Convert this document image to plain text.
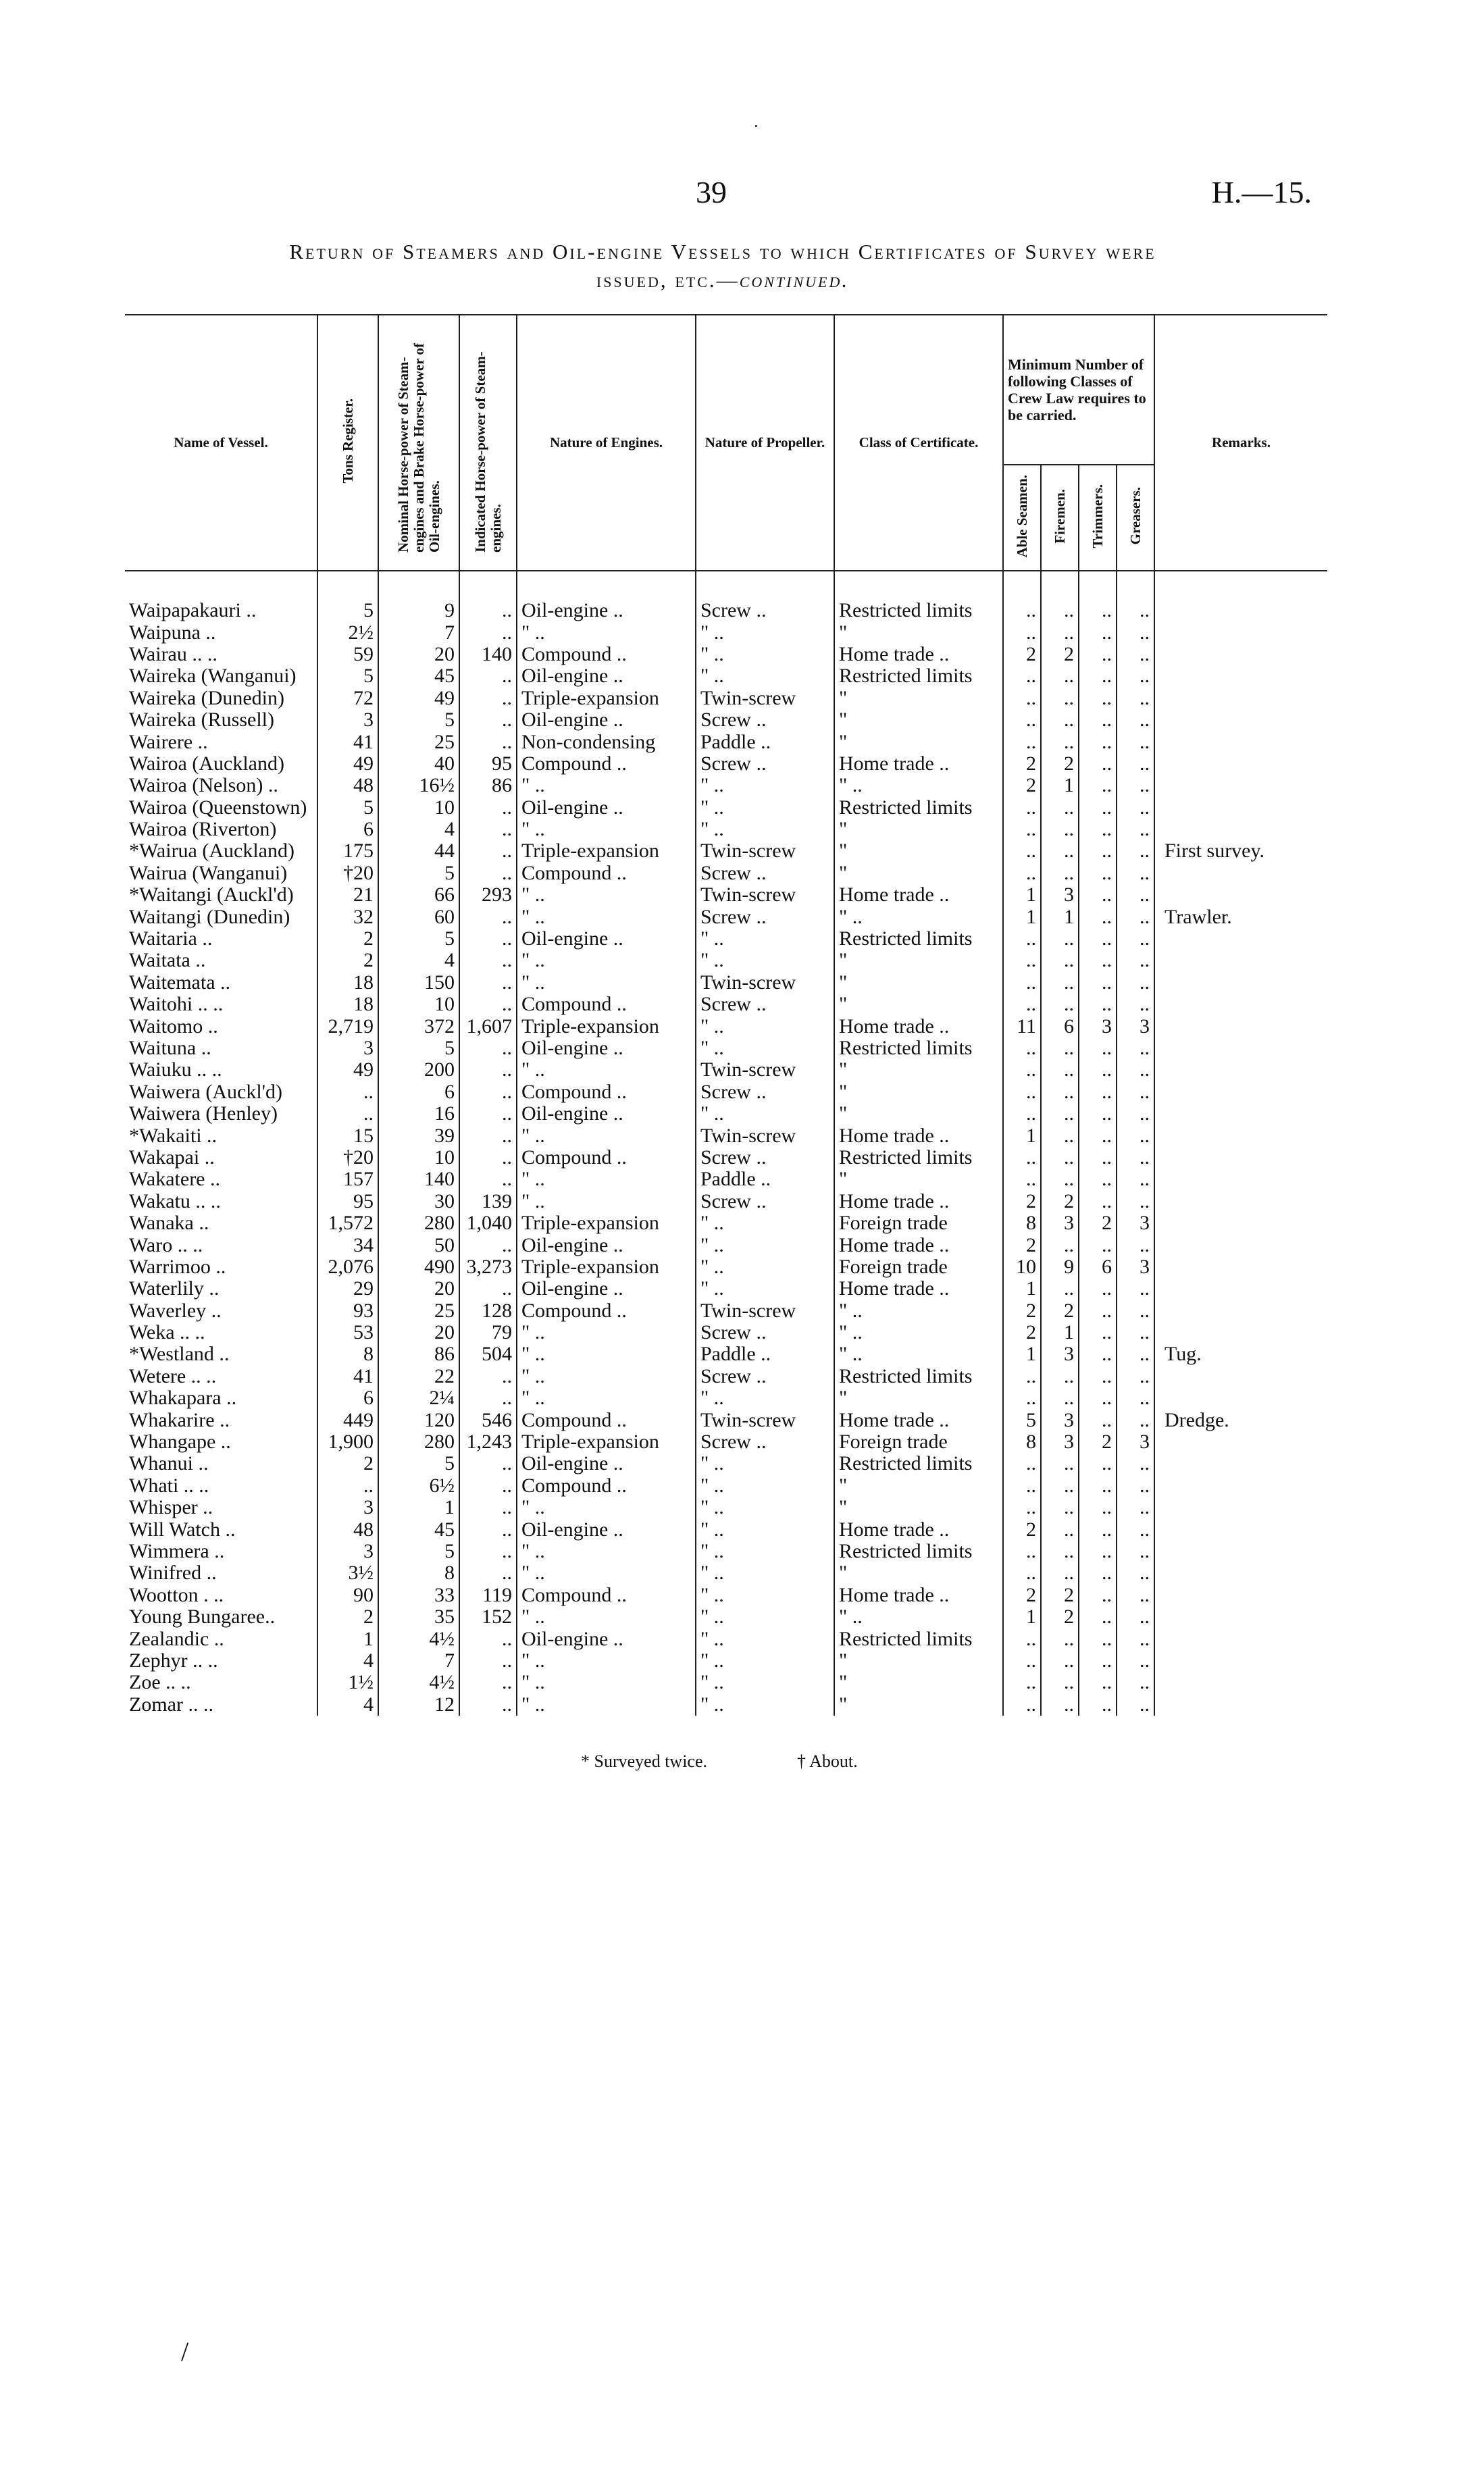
39	H.—15.
Return of Steamers and Oil-engine Vessels to which Certificates of Survey were
issued, etc.—continued.
Name of Vessel.	Tons Register.	Nominal Horse-power of Steam-engines and Brake Horse-power of Oil-engines.	Indicated Horse-power of Steam-engines.	Nature of Engines.	Nature of Propeller.	Class of Certificate.	Minimum Number of following Classes of Crew Law requires to be carried.				Remarks.
							Able Seamen.	Firemen.	Trimmers.	Greasers.	
Waipapakauri ..	5	9	..	Oil-engine ..	Screw ..	Restricted limits	..	..	..	..	
Waipuna ..	2½	7	..	" ..	" ..	"	..	..	..	..	
Wairau .. ..	59	20	140	Compound ..	" ..	Home trade ..	2	2	..	..	
Waireka (Wanganui)	5	45	..	Oil-engine ..	" ..	Restricted limits	..	..	..	..	
Waireka (Dunedin)	72	49	..	Triple-expansion	Twin-screw	"	..	..	..	..	
Waireka (Russell)	3	5	..	Oil-engine ..	Screw ..	"	..	..	..	..	
Wairere ..	41	25	..	Non-condensing	Paddle ..	"	..	..	..	..	
Wairoa (Auckland)	49	40	95	Compound ..	Screw ..	Home trade ..	2	2	..	..	
Wairoa (Nelson) ..	48	16½	86	" ..	" ..	" ..	2	1	..	..	
Wairoa (Queenstown)	5	10	..	Oil-engine ..	" ..	Restricted limits	..	..	..	..	
Wairoa (Riverton)	6	4	..	" ..	" ..	"	..	..	..	..	
*Wairua (Auckland)	175	44	..	Triple-expansion	Twin-screw	"	..	..	..	..	First survey.
Wairua (Wanganui)	†20	5	..	Compound ..	Screw ..	"	..	..	..	..	
*Waitangi (Auckl'd)	21	66	293	" ..	Twin-screw	Home trade ..	1	3	..	..	
Waitangi (Dunedin)	32	60	..	" ..	Screw ..	" ..	1	1	..	..	Trawler.
Waitaria ..	2	5	..	Oil-engine ..	" ..	Restricted limits	..	..	..	..	
Waitata ..	2	4	..	" ..	" ..	"	..	..	..	..	
Waitemata ..	18	150	..	" ..	Twin-screw	"	..	..	..	..	
Waitohi .. ..	18	10	..	Compound ..	Screw ..	"	..	..	..	..	
Waitomo ..	2,719	372	1,607	Triple-expansion	" ..	Home trade ..	11	6	3	3	
Waituna ..	3	5	..	Oil-engine ..	" ..	Restricted limits	..	..	..	..	
Waiuku .. ..	49	200	..	" ..	Twin-screw	"	..	..	..	..	
Waiwera (Auckl'd)	..	6	..	Compound ..	Screw ..	"	..	..	..	..	
Waiwera (Henley)	..	16	..	Oil-engine ..	" ..	"	..	..	..	..	
*Wakaiti ..	15	39	..	" ..	Twin-screw	Home trade ..	1	..	..	..	
Wakapai ..	†20	10	..	Compound ..	Screw ..	Restricted limits	..	..	..	..	
Wakatere ..	157	140	..	" ..	Paddle ..	"	..	..	..	..	
Wakatu .. ..	95	30	139	" ..	Screw ..	Home trade ..	2	2	..	..	
Wanaka ..	1,572	280	1,040	Triple-expansion	" ..	Foreign trade	8	3	2	3	
Waro .. ..	34	50	..	Oil-engine ..	" ..	Home trade ..	2	..	..	..	
Warrimoo ..	2,076	490	3,273	Triple-expansion	" ..	Foreign trade	10	9	6	3	
Waterlily ..	29	20	..	Oil-engine ..	" ..	Home trade ..	1	..	..	..	
Waverley ..	93	25	128	Compound ..	Twin-screw	" ..	2	2	..	..	
Weka .. ..	53	20	79	" ..	Screw ..	" ..	2	1	..	..	
*Westland ..	8	86	504	" ..	Paddle ..	" ..	1	3	..	..	Tug.
Wetere .. ..	41	22	..	" ..	Screw ..	Restricted limits	..	..	..	..	
Whakapara ..	6	2¼	..	" ..	" ..	"	..	..	..	..	
Whakarire ..	449	120	546	Compound ..	Twin-screw	Home trade ..	5	3	..	..	Dredge.
Whangape ..	1,900	280	1,243	Triple-expansion	Screw ..	Foreign trade	8	3	2	3	
Whanui ..	2	5	..	Oil-engine ..	" ..	Restricted limits	..	..	..	..	
Whati .. ..	..	6½	..	Compound ..	" ..	"	..	..	..	..	
Whisper ..	3	1	..	" ..	" ..	"	..	..	..	..	
Will Watch ..	48	45	..	Oil-engine ..	" ..	Home trade ..	2	..	..	..	
Wimmera ..	3	5	..	" ..	" ..	Restricted limits	..	..	..	..	
Winifred ..	3½	8	..	" ..	" ..	"	..	..	..	..	
Wootton . ..	90	33	119	Compound ..	" ..	Home trade ..	2	2	..	..	
Young Bungaree..	2	35	152	" ..	" ..	" ..	1	2	..	..	
Zealandic ..	1	4½	..	Oil-engine ..	" ..	Restricted limits	..	..	..	..	
Zephyr .. ..	4	7	..	" ..	" ..	"	..	..	..	..	
Zoe .. ..	1½	4½	..	" ..	" ..	"	..	..	..	..	
Zomar .. ..	4	12	..	" ..	" ..	"	..	..	..	..	
* Surveyed twice.	† About.
/
